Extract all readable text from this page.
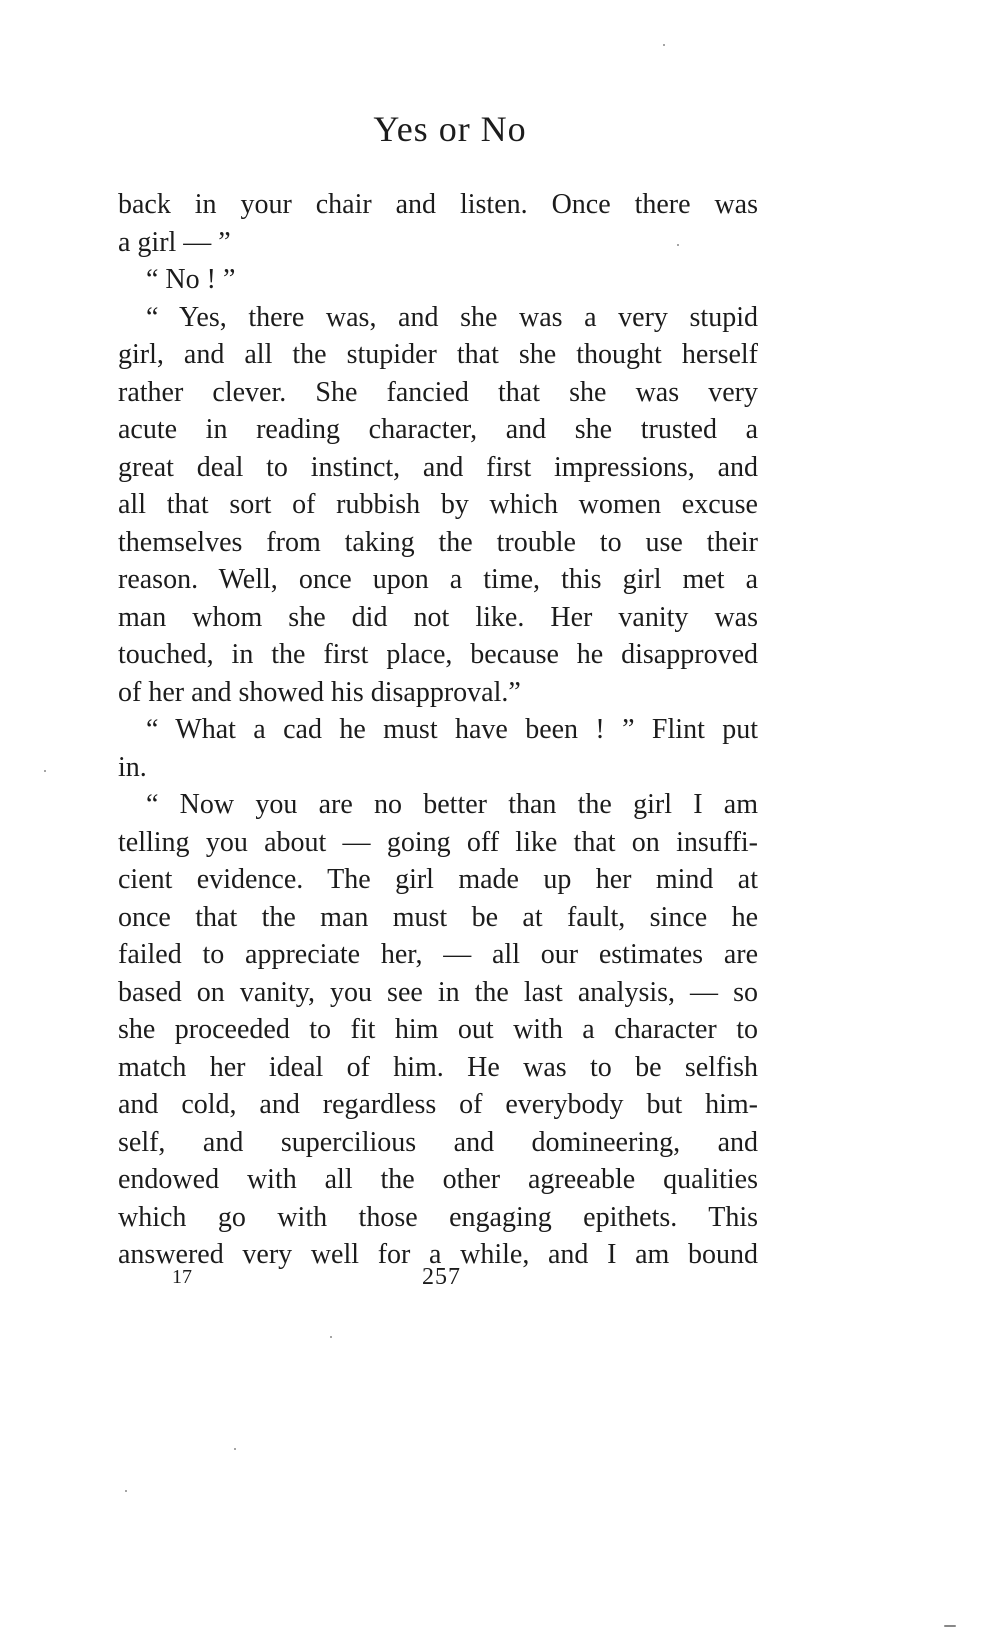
Yes or No
back in your chair and listen. Once there was
a girl — ”
“ No ! ”
“ Yes, there was, and she was a very stupid
girl, and all the stupider that she thought herself
rather clever. She fancied that she was very
acute in reading character, and she trusted a
great deal to instinct, and first impressions, and
all that sort of rubbish by which women excuse
themselves from taking the trouble to use their
reason. Well, once upon a time, this girl met a
man whom she did not like. Her vanity was
touched, in the first place, because he disapproved
of her and showed his disapproval.”
“ What a cad he must have been ! ” Flint put
in.
“ Now you are no better than the girl I am
telling you about — going off like that on insuffi-
cient evidence. The girl made up her mind at
once that the man must be at fault, since he
failed to appreciate her, — all our estimates are
based on vanity, you see in the last analysis, — so
she proceeded to fit him out with a character to
match her ideal of him. He was to be selfish
and cold, and regardless of everybody but him-
self, and supercilious and domineering, and
endowed with all the other agreeable qualities
which go with those engaging epithets. This
answered very well for a while, and I am bound
17	257
